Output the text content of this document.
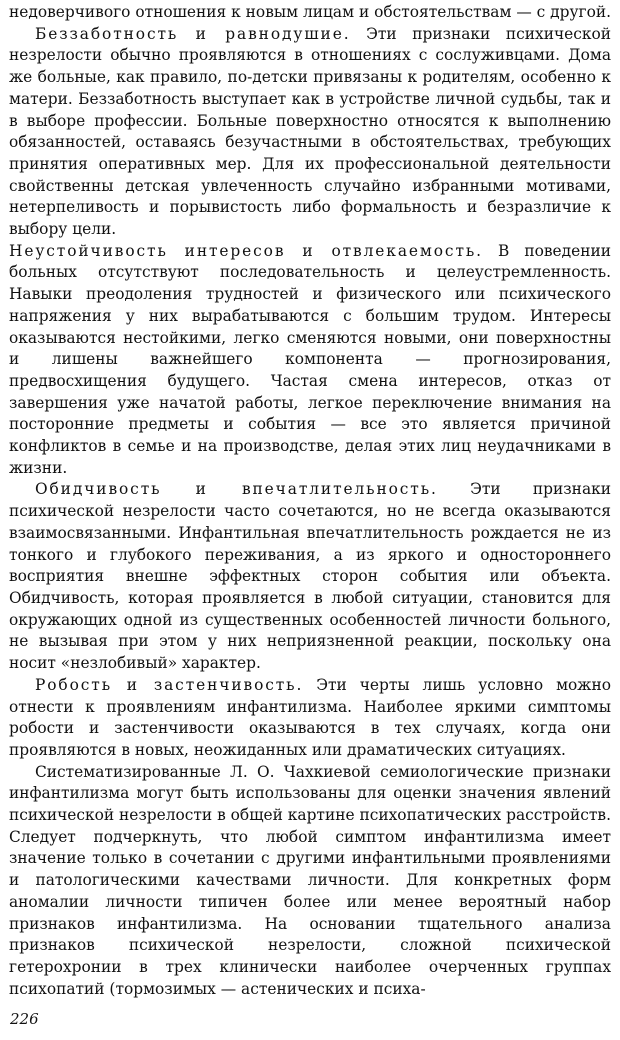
недоверчивого отношения к новым лицам и обстоятельствам — с другой.

Беззаботность и равнодушие. Эти признаки психической незрелости обычно проявляются в отношениях с сослуживцами. Дома же больные, как правило, по-детски привязаны к родителям, особенно к матери. Беззаботность выступает как в устройстве личной судьбы, так и в выборе профессии. Больные поверхностно относятся к выполнению обязанностей, оставаясь безучастными в обстоятельствах, требующих принятия оперативных мер. Для их профессиональной деятельности свойственны детская увлеченность случайно избранными мотивами, нетерпеливость и порывистость либо формальность и безразличие к выбору цели.

Неустойчивость интересов и отвлекаемость. В поведении больных отсутствуют последовательность и целеустремленность. Навыки преодоления трудностей и физического или психического напряжения у них вырабатываются с большим трудом. Интересы оказываются нестойкими, легко сменяются новыми, они поверхностны и лишены важнейшего компонента — прогнозирования, предвосхищения будущего. Частая смена интересов, отказ от завершения уже начатой работы, легкое переключение внимания на посторонние предметы и события — все это является причиной конфликтов в семье и на производстве, делая этих лиц неудачниками в жизни.

Обидчивость и впечатлительность. Эти признаки психической незрелости часто сочетаются, но не всегда оказываются взаимосвязанными. Инфантильная впечатлительность рождается не из тонкого и глубокого переживания, а из яркого и одностороннего восприятия внешне эффектных сторон события или объекта. Обидчивость, которая проявляется в любой ситуации, становится для окружающих одной из существенных особенностей личности больного, не вызывая при этом у них неприязненной реакции, поскольку она носит «незлобивый» характер.

Робость и застенчивость. Эти черты лишь условно можно отнести к проявлениям инфантилизма. Наиболее яркими симптомы робости и застенчивости оказываются в тех случаях, когда они проявляются в новых, неожиданных или драматических ситуациях.

Систематизированные Л. О. Чахкиевой семиологические признаки инфантилизма могут быть использованы для оценки значения явлений психической незрелости в общей картине психопатических расстройств. Следует подчеркнуть, что любой симптом инфантилизма имеет значение только в сочетании с другими инфантильными проявлениями и патологическими качествами личности. Для конкретных форм аномалии личности типичен более или менее вероятный набор признаков инфантилизма. На основании тщательного анализа признаков психической незрелости, сложной психической гетерохронии в трех клинически наиболее очерченных группах психопатий (тормозимых — астенических и психа-

226
